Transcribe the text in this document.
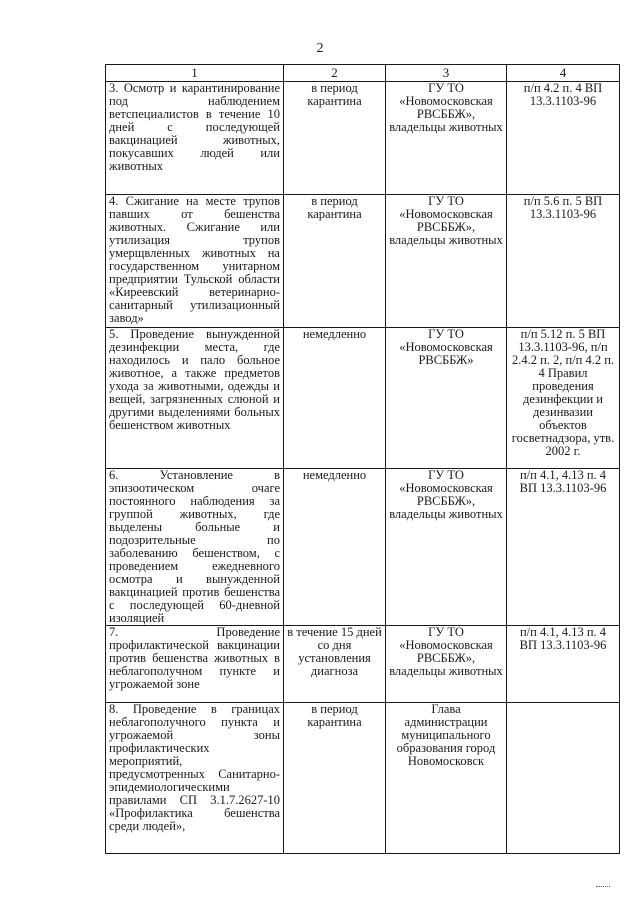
2
1	2	3	4
3. Осмотр и карантинирование под наблюдением ветспециалистов в течение 10 дней с последующей вакцинацией животных, покусавших людей или животных	в период карантина	ГУ ТО «Новомосковская РВСББЖ», владельцы животных	п/п 4.2 п. 4 ВП 13.3.1103-96
4. Сжигание на месте трупов павших от бешенства животных. Сжигание или утилизация трупов умерщвленных животных на государственном унитарном предприятии Тульской области «Киреевский ветеринарно-санитарный утилизационный завод»	в период карантина	ГУ ТО «Новомосковская РВСББЖ», владельцы животных	п/п 5.6 п. 5 ВП 13.3.1103-96
5. Проведение вынужденной дезинфекции места, где находилось и пало больное животное, а также предметов ухода за животными, одежды и вещей, загрязненных слюной и другими выделениями больных бешенством животных	немедленно	ГУ ТО «Новомосковская РВСББЖ»	п/п 5.12 п. 5 ВП 13.3.1103-96, п/п 2.4.2 п. 2, п/п 4.2 п. 4 Правил проведения дезинфекции и дезинвазии объектов госветнадзора, утв. 2002 г.
6. Установление в эпизоотическом очаге постоянного наблюдения за группой животных, где выделены больные и подозрительные по заболеванию бешенством, с проведением ежедневного осмотра и вынужденной вакцинацией против бешенства с последующей 60-дневной изоляцией	немедленно	ГУ ТО «Новомосковская РВСББЖ», владельцы животных	п/п 4.1, 4.13 п. 4 ВП 13.3.1103-96
7. Проведение профилактической вакцинации против бешенства животных в неблагополучном пункте и угрожаемой зоне	в течение 15 дней со дня установления диагноза	ГУ ТО «Новомосковская РВСББЖ», владельцы животных	п/п 4.1, 4.13 п. 4 ВП 13.3.1103-96
8. Проведение в границах неблагополучного пункта и угрожаемой зоны профилактических мероприятий, предусмотренных Санитарно-эпидемиологическими правилами СП 3.1.7.2627-10 «Профилактика бешенства среди людей»,	в период карантина	Глава администрации муниципального образования город Новомосковск	
